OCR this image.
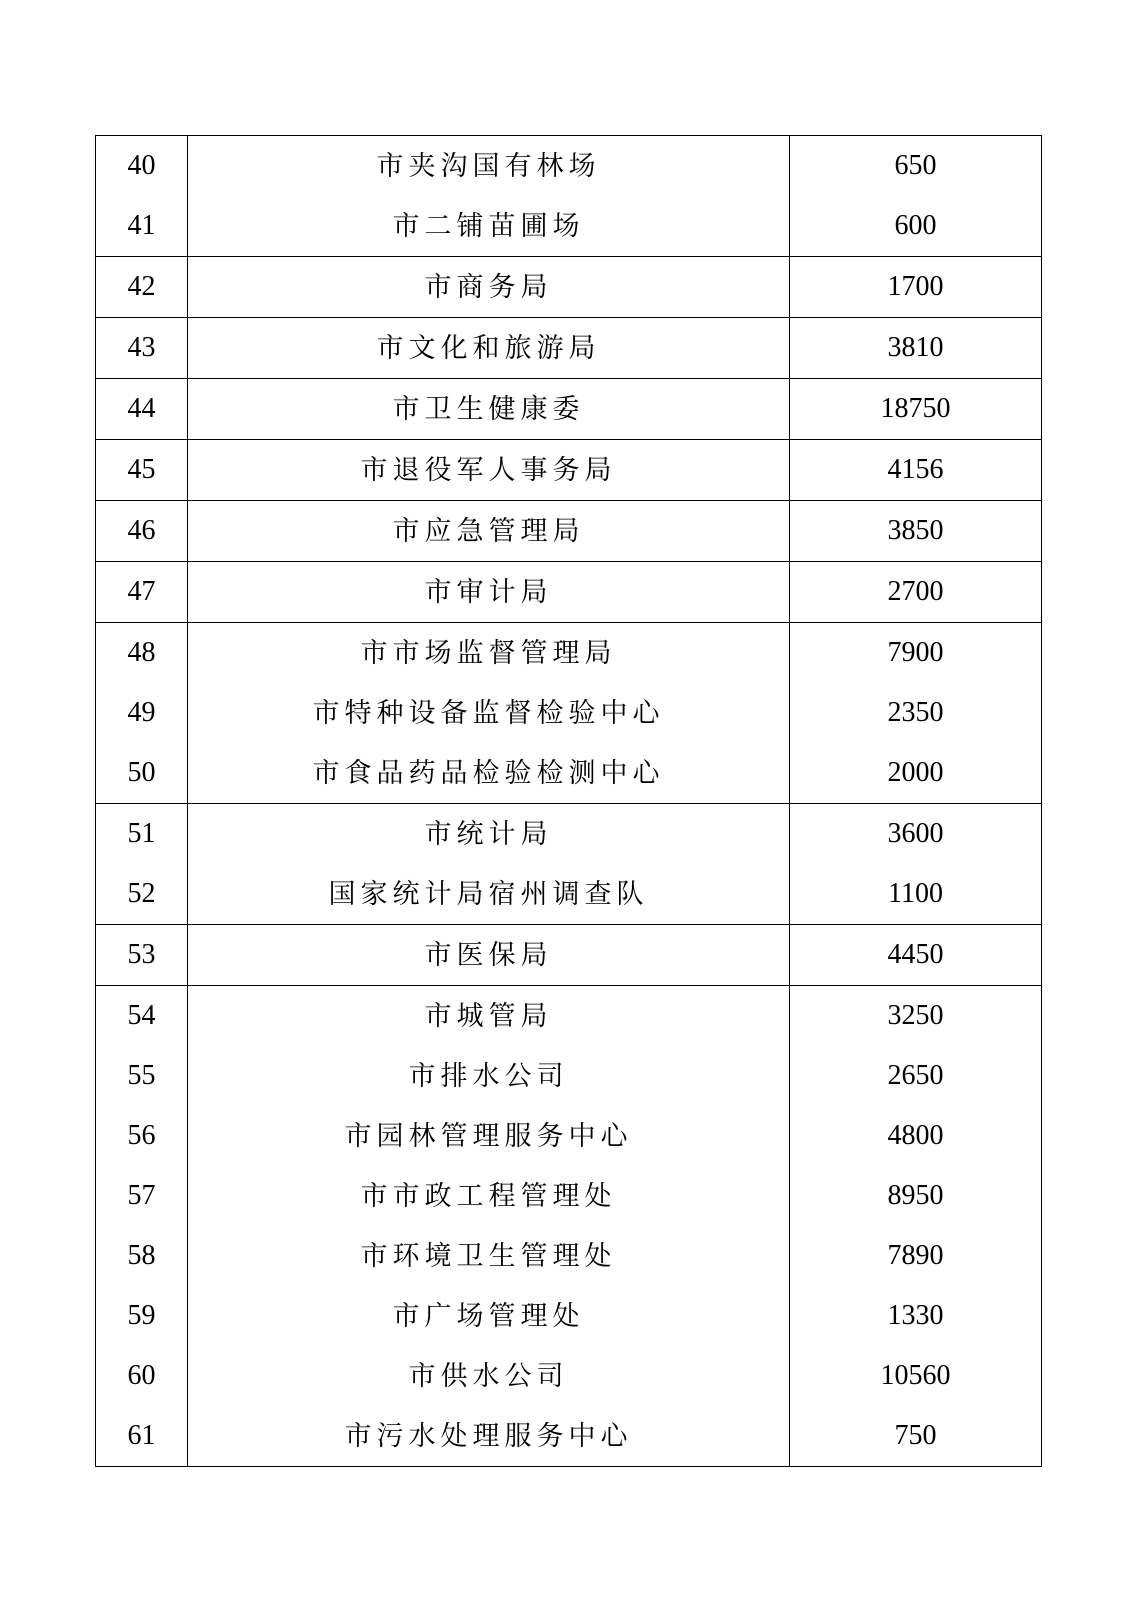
40	市夹沟国有林场	650
41	市二铺苗圃场	600
42	市商务局	1700
43	市文化和旅游局	3810
44	市卫生健康委	18750
45	市退役军人事务局	4156
46	市应急管理局	3850
47	市审计局	2700
48	市市场监督管理局	7900
49	市特种设备监督检验中心	2350
50	市食品药品检验检测中心	2000
51	市统计局	3600
52	国家统计局宿州调查队	1100
53	市医保局	4450
54	市城管局	3250
55	市排水公司	2650
56	市园林管理服务中心	4800
57	市市政工程管理处	8950
58	市环境卫生管理处	7890
59	市广场管理处	1330
60	市供水公司	10560
61	市污水处理服务中心	750
